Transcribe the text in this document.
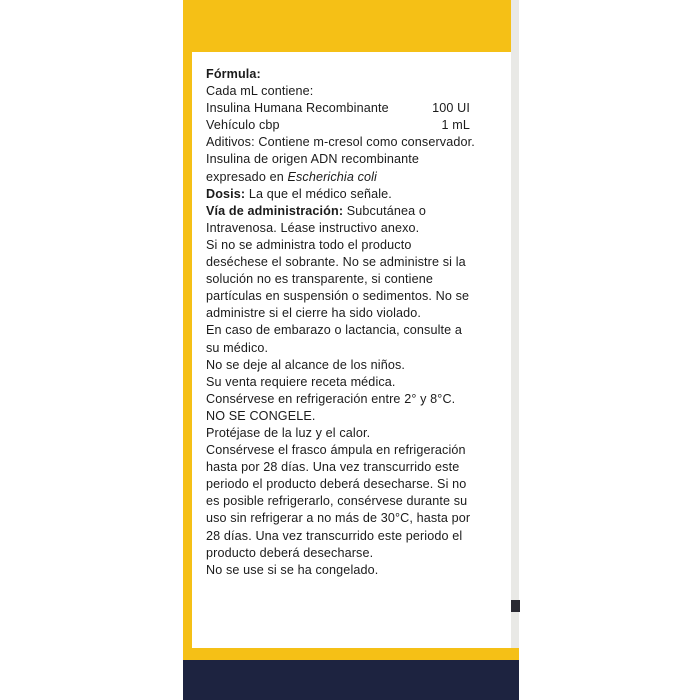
Fórmula:
Cada mL contiene:
Insulina Humana Recombinante	100 UI
Vehículo cbp	1 mL
Aditivos: Contiene m-cresol como conservador.
Insulina de origen ADN recombinante
expresado en Escherichia coli
Dosis: La que el médico señale.
Vía de administración: Subcutánea o
Intravenosa. Léase instructivo anexo.
Si no se administra todo el producto
deséchese el sobrante. No se administre si la
solución no es transparente, si contiene
partículas en suspensión o sedimentos. No se
administre si el cierre ha sido violado.
En caso de embarazo o lactancia, consulte a
su médico.
No se deje al alcance de los niños.
Su venta requiere receta médica.
Consérvese en refrigeración entre 2° y 8°C.
NO SE CONGELE.
Protéjase de la luz y el calor.
Consérvese el frasco ámpula en refrigeración
hasta por 28 días. Una vez transcurrido este
periodo el producto deberá desecharse. Si no
es posible refrigerarlo, consérvese durante su
uso sin refrigerar a no más de 30°C, hasta por
28 días. Una vez transcurrido este periodo el
producto deberá desecharse.
No se use si se ha congelado.
